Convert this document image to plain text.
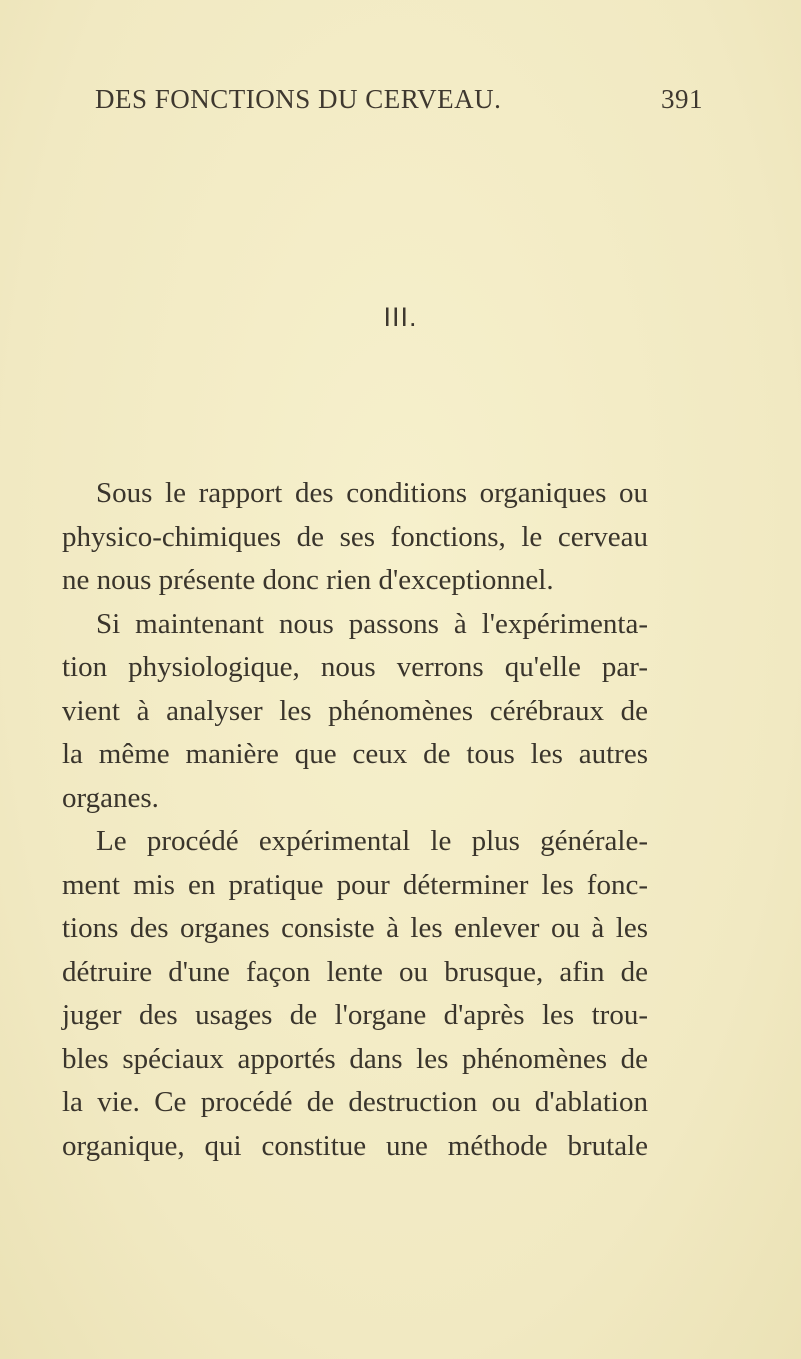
DES FONCTIONS DU CERVEAU.	391
III.
Sous le rapport des conditions organiques ou
physico-chimiques de ses fonctions, le cerveau
ne nous présente donc rien d'exceptionnel.
Si maintenant nous passons à l'expérimenta-
tion physiologique, nous verrons qu'elle par-
vient à analyser les phénomènes cérébraux de
la même manière que ceux de tous les autres
organes.
Le procédé expérimental le plus générale-
ment mis en pratique pour déterminer les fonc-
tions des organes consiste à les enlever ou à les
détruire d'une façon lente ou brusque, afin de
juger des usages de l'organe d'après les trou-
bles spéciaux apportés dans les phénomènes de
la vie. Ce procédé de destruction ou d'ablation
organique, qui constitue une méthode brutale
